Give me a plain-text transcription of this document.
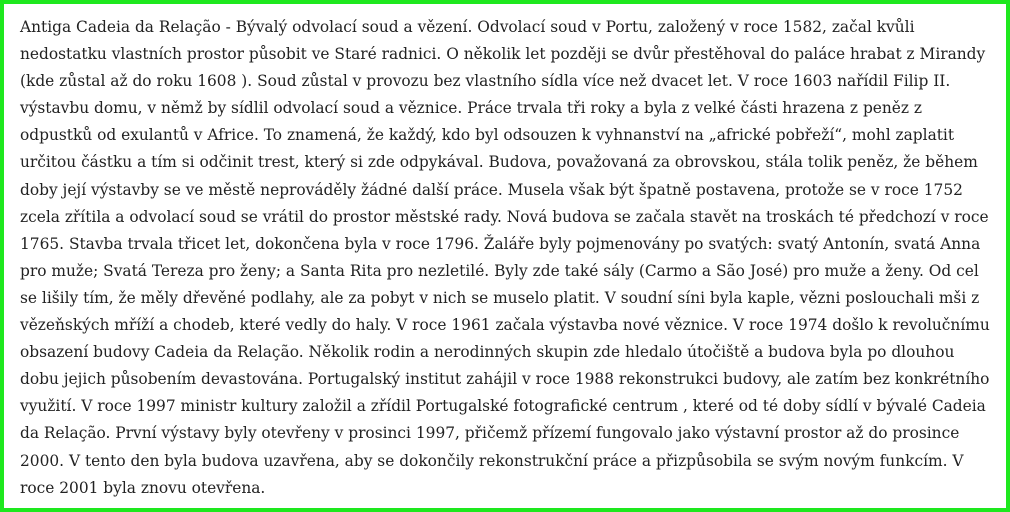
Antiga Cadeia da Relação - Bývalý odvolací soud a vězení. Odvolací soud v Portu, založený v roce 1582, začal kvůli nedostatku vlastních prostor působit ve Staré radnici. O několik let později se dvůr přestěhoval do paláce hrabat z Mirandy (kde zůstal až do roku 1608 ). Soud zůstal v provozu bez vlastního sídla více než dvacet let. V roce 1603 nařídil Filip II. výstavbu domu, v němž by sídlil odvolací soud a věznice. Práce trvala tři roky a byla z velké části hrazena z peněz z odpustků od exulantů v Africe. To znamená, že každý, kdo byl odsouzen k vyhnanství na „africké pobřeží“, mohl zaplatit určitou částku a tím si odčinit trest, který si zde odpykával. Budova, považovaná za obrovskou, stála tolik peněz, že během doby její výstavby se ve městě neprováděly žádné další práce. Musela však být špatně postavena, protože se v roce 1752 zcela zřítila a odvolací soud se vrátil do prostor městské rady. Nová budova se začala stavět na troskách té předchozí v roce 1765. Stavba trvala třicet let, dokončena byla v roce 1796. Žaláře byly pojmenovány po svatých: svatý Antonín, svatá Anna pro muže; Svatá Tereza pro ženy; a Santa Rita pro nezletilé. Byly zde také sály (Carmo a São José) pro muže a ženy. Od cel se lišily tím, že měly dřevěné podlahy, ale za pobyt v nich se muselo platit. V soudní síni byla kaple, vězni poslouchali mši z vězeňských mříží a chodeb, které vedly do haly. V roce 1961 začala výstavba nové věznice. V roce 1974 došlo k revolučnímu obsazení budovy Cadeia da Relação. Několik rodin a nerodinných skupin zde hledalo útočiště a budova byla po dlouhou dobu jejich působením devastována. Portugalský institut zahájil v roce 1988 rekonstrukci budovy, ale zatím bez konkrétního využití. V roce 1997 ministr kultury založil a zřídil Portugalské fotografické centrum , které od té doby sídlí v bývalé Cadeia da Relação. První výstavy byly otevřeny v prosinci 1997, přičemž přízemí fungovalo jako výstavní prostor až do prosince 2000. V tento den byla budova uzavřena, aby se dokončily rekonstrukční práce a přizpůsobila se svým novým funkcím. V roce 2001 byla znovu otevřena.
